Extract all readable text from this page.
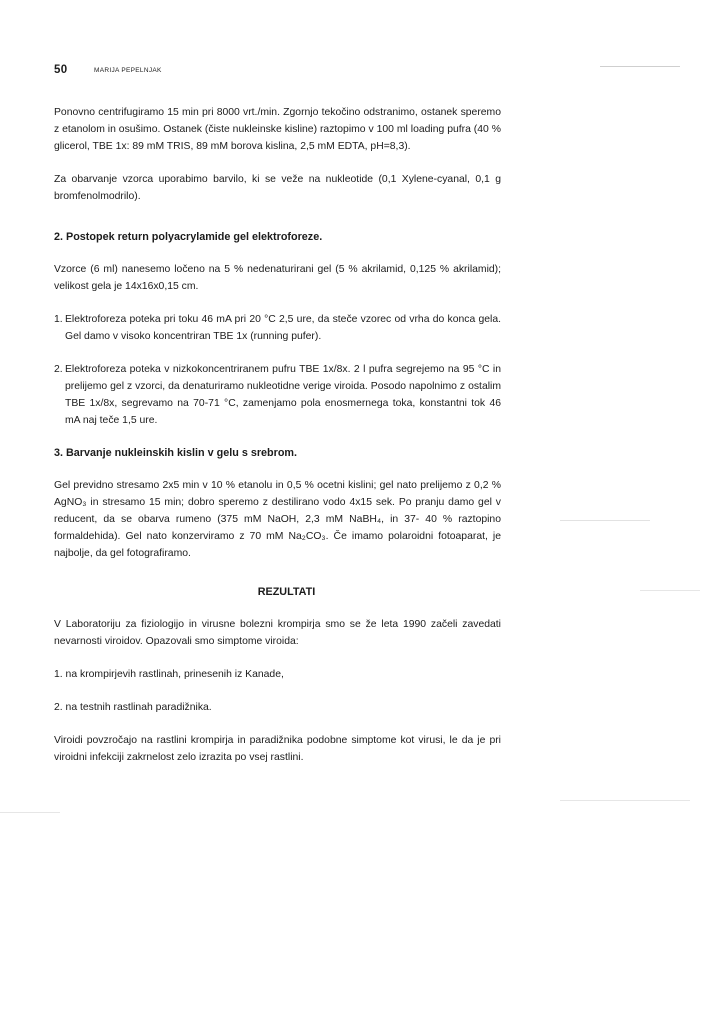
50	MARIJA PEPELNJAK

Ponovno centrifugiramo 15 min pri 8000 vrt./min. Zgornjo tekočino odstranimo, ostanek speremo z etanolom in osušimo. Ostanek (čiste nukleinske kisline) raztopimo v 100 ml loading pufra (40 % glicerol, TBE 1x: 89 mM TRIS, 89 mM borova kislina, 2,5 mM EDTA, pH=8,3).

Za obarvanje vzorca uporabimo barvilo, ki se veže na nukleotide (0,1 Xylene-cyanal, 0,1 g bromfenolmodrilo).

2. Postopek return polyacrylamide gel elektroforeze.

Vzorce (6 ml) nanesemo ločeno na 5 % nedenaturirani gel (5 % akrilamid, 0,125 % akrilamid); velikost gela je 14x16x0,15 cm.

1. Elektroforeza poteka pri toku 46 mA pri 20 °C 2,5 ure, da steče vzorec od vrha do konca gela. Gel damo v visoko koncentriran TBE 1x (running pufer).
2. Elektroforeza poteka v nizkokoncentriranem pufru TBE 1x/8x. 2 l pufra segrejemo na 95 °C in prelijemo gel z vzorci, da denaturiramo nukleotidne verige viroida. Posodo napolnimo z ostalim TBE 1x/8x, segrevamo na 70-71 °C, zamenjamo pola enosmernega toka, konstantni tok 46 mA naj teče 1,5 ure.
3. Barvanje nukleinskih kislin v gelu s srebrom.

Gel previdno stresamo 2x5 min v 10 % etanolu in 0,5 % ocetni kislini; gel nato prelijemo z 0,2 % AgNO₃ in stresamo 15 min; dobro speremo z destilirano vodo 4x15 sek. Po pranju damo gel v reducent, da se obarva rumeno (375 mM NaOH, 2,3 mM NaBH₄, in 37- 40 % raztopino formaldehida). Gel nato konzerviramo z 70 mM Na₂CO₃. Če imamo polaroidni fotoaparat, je najbolje, da gel fotografiramo.

REZULTATI

V Laboratoriju za fiziologijo in virusne bolezni krompirja smo se že leta 1990 začeli zavedati nevarnosti viroidov. Opazovali smo simptome viroida:

1. na krompirjevih rastlinah, prinesenih iz Kanade,

2. na testnih rastlinah paradižnika.

Viroidi povzročajo na rastlini krompirja in paradižnika podobne simptome kot virusi, le da je pri viroidni infekciji zakrnelost zelo izrazita po vsej rastlini.
